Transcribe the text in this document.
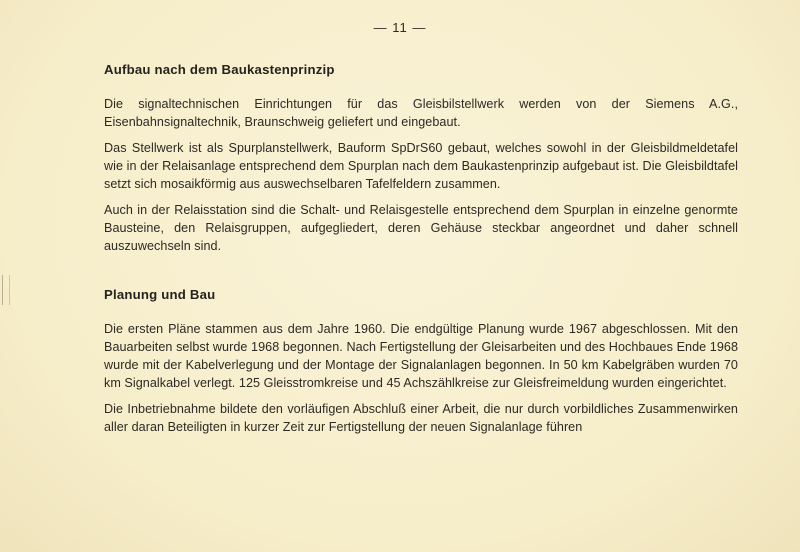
— 11 —
Aufbau nach dem Baukastenprinzip

Die signaltechnischen Einrichtungen für das Gleisbilstellwerk werden von der Siemens A.G., Eisenbahnsignaltechnik, Braunschweig geliefert und eingebaut.

Das Stellwerk ist als Spurplanstellwerk, Bauform SpDrS60 gebaut, welches sowohl in der Gleisbildmeldetafel wie in der Relaisanlage entsprechend dem Spurplan nach dem Baukastenprinzip aufgebaut ist. Die Gleisbildtafel setzt sich mosaikförmig aus auswechselbaren Tafelfeldern zusammen.

Auch in der Relaisstation sind die Schalt- und Relaisgestelle entsprechend dem Spurplan in einzelne genormte Bausteine, den Relaisgruppen, aufgegliedert, deren Gehäuse steckbar angeordnet und daher schnell auszuwechseln sind.

Planung und Bau

Die ersten Pläne stammen aus dem Jahre 1960. Die endgültige Planung wurde 1967 abgeschlossen. Mit den Bauarbeiten selbst wurde 1968 begonnen. Nach Fertigstellung der Gleisarbeiten und des Hochbaues Ende 1968 wurde mit der Kabelverlegung und der Montage der Signalanlagen begonnen. In 50 km Kabelgräben wurden 70 km Signalkabel verlegt. 125 Gleisstromkreise und 45 Achszählkreise zur Gleisfreimeldung wurden eingerichtet.

Die Inbetriebnahme bildete den vorläufigen Abschluß einer Arbeit, die nur durch vorbildliches Zusammenwirken aller daran Beteiligten in kurzer Zeit zur Fertigstellung der neuen Signalanlage führen
